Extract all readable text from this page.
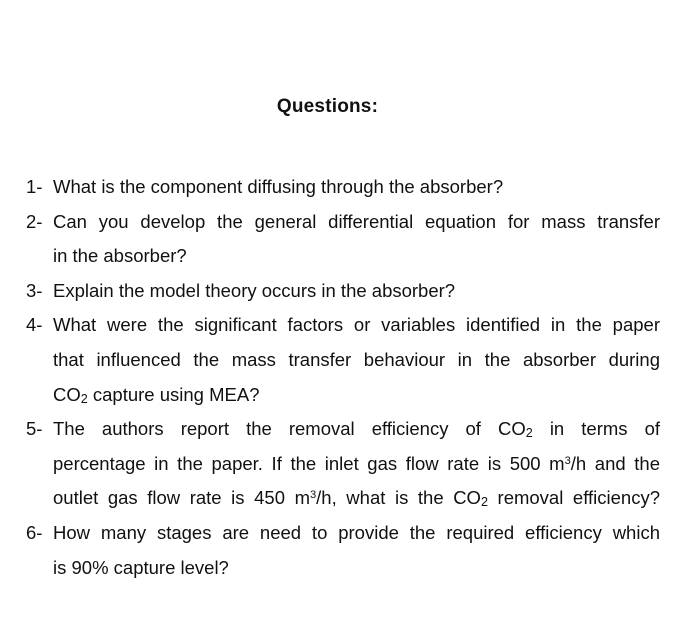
Questions:
1- What is the component diffusing through the absorber?
2- Can you develop the general differential equation for mass transfer
in the absorber?
3- Explain the model theory occurs in the absorber?
4- What were the significant factors or variables identified in the paper
that influenced the mass transfer behaviour in the absorber during
$CO_2$ capture using MEA?
5- The authors report the removal efficiency of $CO_2$ in terms of
percentage in the paper. If the inlet gas flow rate is 500 $m^3/h$ and the
outlet gas flow rate is 450 $m^3/h$, what is the $CO_2$ removal efficiency?
6- How many stages are need to provide the required efficiency which
is 90% capture level?
